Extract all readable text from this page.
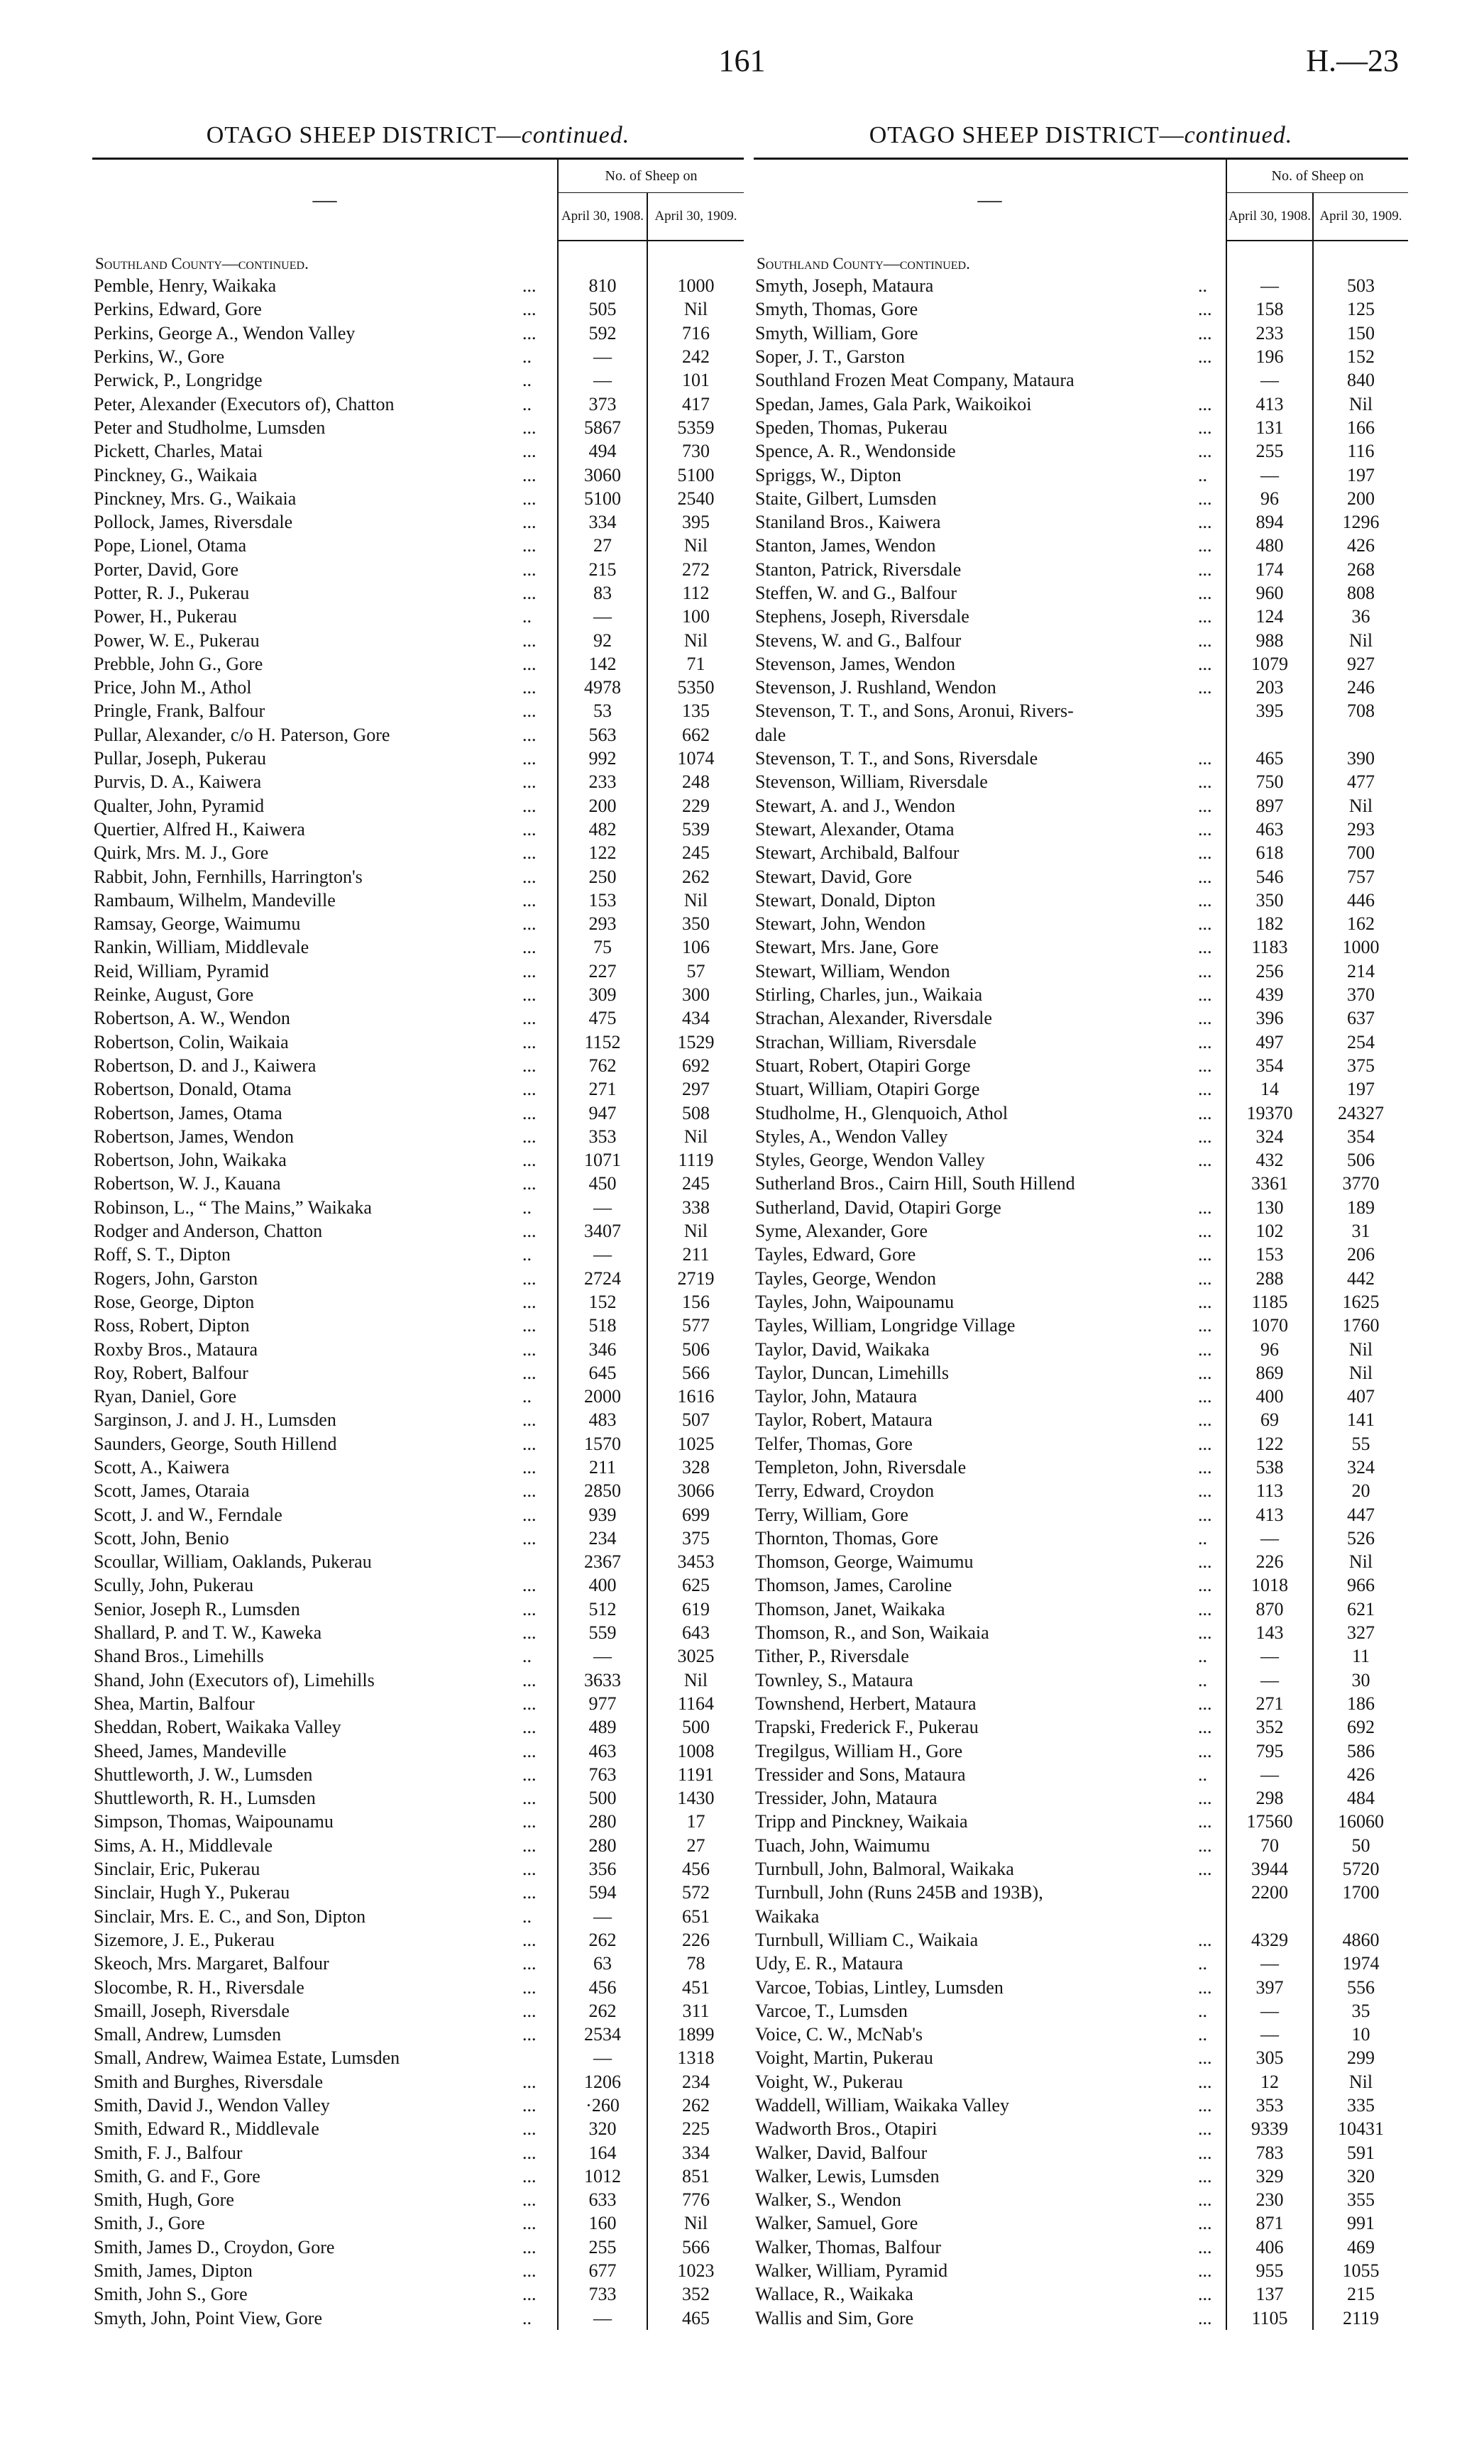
161	H.—23
OTAGO SHEEP DISTRICT—continued.
—		No. of Sheep on	
		April 30, 1908.	April 30, 1909.

Southland County—continued.			
Pemble, Henry, Waikaka	...	810	1000
Perkins, Edward, Gore	...	505	Nil
Perkins, George A., Wendon Valley	...	592	716
Perkins, W., Gore	..	—	242
Perwick, P., Longridge	..	—	101
Peter, Alexander (Executors of), Chatton	..	373	417
Peter and Studholme, Lumsden	...	5867	5359
Pickett, Charles, Mataі	...	494	730
Pinckney, G., Waikaia	...	3060	5100
Pinckney, Mrs. G., Waikaia	...	5100	2540
Pollock, James, Riversdale	...	334	395
Pope, Lionel, Otama	...	27	Nil
Porter, David, Gore	...	215	272
Potter, R. J., Pukerau	...	83	112
Power, H., Pukerau	..	—	100
Power, W. E., Pukerau	...	92	Nil
Prebble, John G., Gore	...	142	71
Price, John M., Athol	...	4978	5350
Pringle, Frank, Balfour	...	53	135
Pullar, Alexander, c/o H. Paterson, Gore	...	563	662
Pullar, Joseph, Pukerau	...	992	1074
Purvis, D. A., Kaiwera	...	233	248
Qualter, John, Pyramid	...	200	229
Quertier, Alfred H., Kaiwera	...	482	539
Quirk, Mrs. M. J., Gore	...	122	245
Rabbit, John, Fernhills, Harrington's	...	250	262
Rambaum, Wilhelm, Mandeville	...	153	Nil
Ramsay, George, Waimumu	...	293	350
Rankin, William, Middlevale	...	75	106
Reid, William, Pyramid	...	227	57
Reinke, August, Gore	...	309	300
Robertson, A. W., Wendon	...	475	434
Robertson, Colin, Waikaia	...	1152	1529
Robertson, D. and J., Kaiwera	...	762	692
Robertson, Donald, Otama	...	271	297
Robertson, James, Otama	...	947	508
Robertson, James, Wendon	...	353	Nil
Robertson, John, Waikaka	...	1071	1119
Robertson, W. J., Kauana	...	450	245
Robinson, L., “ The Mains,” Waikaka	..	—	338
Rodger and Anderson, Chatton	...	3407	Nil
Roff, S. T., Dipton	..	—	211
Rogers, John, Garston	...	2724	2719
Rose, George, Dipton	...	152	156
Ross, Robert, Dipton	...	518	577
Roxby Bros., Mataura	...	346	506
Roy, Robert, Balfour	...	645	566
Ryan, Daniel, Gore	..	2000	1616
Sarginson, J. and J. H., Lumsden	...	483	507
Saunders, George, South Hillend	...	1570	1025
Scott, A., Kaiwera	...	211	328
Scott, James, Otaraia	...	2850	3066
Scott, J. and W., Ferndale	...	939	699
Scott, John, Benio	...	234	375
Scoullar, William, Oaklands, Pukerau		2367	3453
Scully, John, Pukerau	...	400	625
Senior, Joseph R., Lumsden	...	512	619
Shallard, P. and T. W., Kaweka	...	559	643
Shand Bros., Limehills	..	—	3025
Shand, John (Executors of), Limehills	...	3633	Nil
Shea, Martin, Balfour	...	977	1164
Sheddan, Robert, Waikaka Valley	...	489	500
Sheed, James, Mandeville	...	463	1008
Shuttleworth, J. W., Lumsden	...	763	1191
Shuttleworth, R. H., Lumsden	...	500	1430
Simpson, Thomas, Waipounamu	...	280	17
Sims, A. H., Middlevale	...	280	27
Sinclair, Eric, Pukerau	...	356	456
Sinclair, Hugh Y., Pukerau	...	594	572
Sinclair, Mrs. E. C., and Son, Dipton	..	—	651
Sizemore, J. E., Pukerau	...	262	226
Skeoch, Mrs. Margaret, Balfour	...	63	78
Slocombe, R. H., Riversdale	...	456	451
Smaill, Joseph, Riversdale	...	262	311
Small, Andrew, Lumsden	...	2534	1899
Small, Andrew, Waimea Estate, Lumsden		—	1318
Smith and Burghes, Riversdale	...	1206	234
Smith, David J., Wendon Valley	...	·260	262
Smith, Edward R., Middlevale	...	320	225
Smith, F. J., Balfour	...	164	334
Smith, G. and F., Gore	...	1012	851
Smith, Hugh, Gore	...	633	776
Smith, J., Gore	...	160	Nil
Smith, James D., Croydon, Gore	...	255	566
Smith, James, Dipton	...	677	1023
Smith, John S., Gore	...	733	352
Smyth, John, Point View, Gore	..	—	465
OTAGO SHEEP DISTRICT—continued.
—		No. of Sheep on	
		April 30, 1908.	April 30, 1909.

Southland County—continued.			
Smyth, Joseph, Mataura	..	—	503
Smyth, Thomas, Gore	...	158	125
Smyth, William, Gore	...	233	150
Soper, J. T., Garston	...	196	152
Southland Frozen Meat Company, Mataura		—	840
Spedan, James, Gala Park, Waikoikoi	...	413	Nil
Speden, Thomas, Pukerau	...	131	166
Spence, A. R., Wendonside	...	255	116
Spriggs, W., Dipton	..	—	197
Staite, Gilbert, Lumsden	...	96	200
Staniland Bros., Kaiwera	...	894	1296
Stanton, James, Wendon	...	480	426
Stanton, Patrick, Riversdale	...	174	268
Steffen, W. and G., Balfour	...	960	808
Stephens, Joseph, Riversdale	...	124	36
Stevens, W. and G., Balfour	...	988	Nil
Stevenson, James, Wendon	...	1079	927
Stevenson, J. Rushland, Wendon	...	203	246
Stevenson, T. T., and Sons, Aronui, Rivers-		395	708
dale			
Stevenson, T. T., and Sons, Riversdale	...	465	390
Stevenson, William, Riversdale	...	750	477
Stewart, A. and J., Wendon	...	897	Nil
Stewart, Alexander, Otama	...	463	293
Stewart, Archibald, Balfour	...	618	700
Stewart, David, Gore	...	546	757
Stewart, Donald, Dipton	...	350	446
Stewart, John, Wendon	...	182	162
Stewart, Mrs. Jane, Gore	...	1183	1000
Stewart, William, Wendon	...	256	214
Stirling, Charles, jun., Waikaia	...	439	370
Strachan, Alexander, Riversdale	...	396	637
Strachan, William, Riversdale	...	497	254
Stuart, Robert, Otapiri Gorge	...	354	375
Stuart, William, Otapiri Gorge	...	14	197
Studholme, H., Glenquoich, Athol	...	19370	24327
Styles, A., Wendon Valley	...	324	354
Styles, George, Wendon Valley	...	432	506
Sutherland Bros., Cairn Hill, South Hillend		3361	3770
Sutherland, David, Otapiri Gorge	...	130	189
Syme, Alexander, Gore	...	102	31
Tayles, Edward, Gore	...	153	206
Tayles, George, Wendon	...	288	442
Tayles, John, Waipounamu	...	1185	1625
Tayles, William, Longridge Village	...	1070	1760
Taylor, David, Waikaka	...	96	Nil
Taylor, Duncan, Limehills	...	869	Nil
Taylor, John, Mataura	...	400	407
Taylor, Robert, Mataura	...	69	141
Telfer, Thomas, Gore	...	122	55
Templeton, John, Riversdale	...	538	324
Terry, Edward, Croydon	...	113	20
Terry, William, Gore	...	413	447
Thornton, Thomas, Gore	..	—	526
Thomson, George, Waimumu	...	226	Nil
Thomson, James, Caroline	...	1018	966
Thomson, Janet, Waikaka	...	870	621
Thomson, R., and Son, Waikaia	...	143	327
Tither, P., Riversdale	..	—	11
Townley, S., Mataura	..	—	30
Townshend, Herbert, Mataura	...	271	186
Trapski, Frederick F., Pukerau	...	352	692
Tregilgus, William H., Gore	...	795	586
Tressider and Sons, Mataura	..	—	426
Tressider, John, Mataura	...	298	484
Tripp and Pinckney, Waikaia	...	17560	16060
Tuach, John, Waimumu	...	70	50
Turnbull, John, Balmoral, Waikaka	...	3944	5720
Turnbull, John (Runs 245B and 193B),		2200	1700
Waikaka			
Turnbull, William C., Waikaia	...	4329	4860
Udy, E. R., Mataura	..	—	1974
Varcoe, Tobias, Lintley, Lumsden	...	397	556
Varcoe, T., Lumsden	..	—	35
Voice, C. W., McNab's	..	—	10
Voight, Martin, Pukerau	...	305	299
Voight, W., Pukerau	...	12	Nil
Waddell, William, Waikaka Valley	...	353	335
Wadworth Bros., Otapiri	...	9339	10431
Walker, David, Balfour	...	783	591
Walker, Lewis, Lumsden	...	329	320
Walker, S., Wendon	...	230	355
Walker, Samuel, Gore	...	871	991
Walker, Thomas, Balfour	...	406	469
Walker, William, Pyramid	...	955	1055
Wallace, R., Waikaka	...	137	215
Wallis and Sim, Gore	...	1105	2119
